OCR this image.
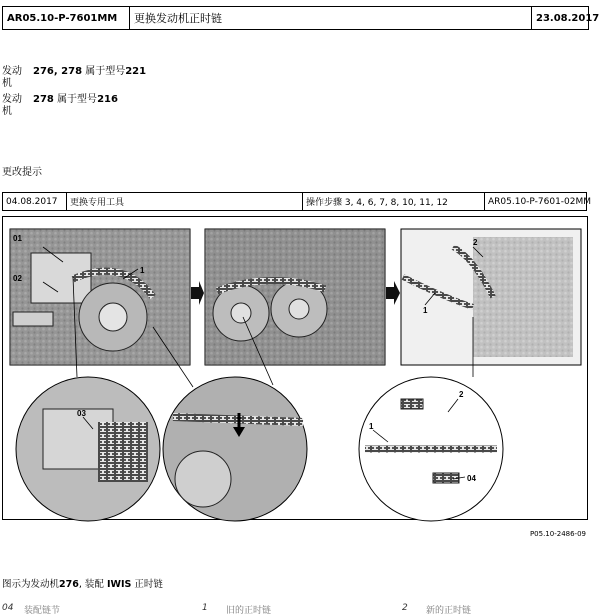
AR05.10-P-7601MM	更换发动机正时链	23.08.2017
发动机276, 278 属于型号221
发动机278 属于型号216
更改提示
04.08.2017	更换专用工具	操作步骤 3, 4, 6, 7, 8, 10, 11, 12	AR05.10-P-7601-02MM
01
02
1
03
2
1
1
2
04
P05.10-2486-09
图示为发动机276, 装配 IWIS 正时链
04 装配链节	1 旧的正时链	2 新的正时链
